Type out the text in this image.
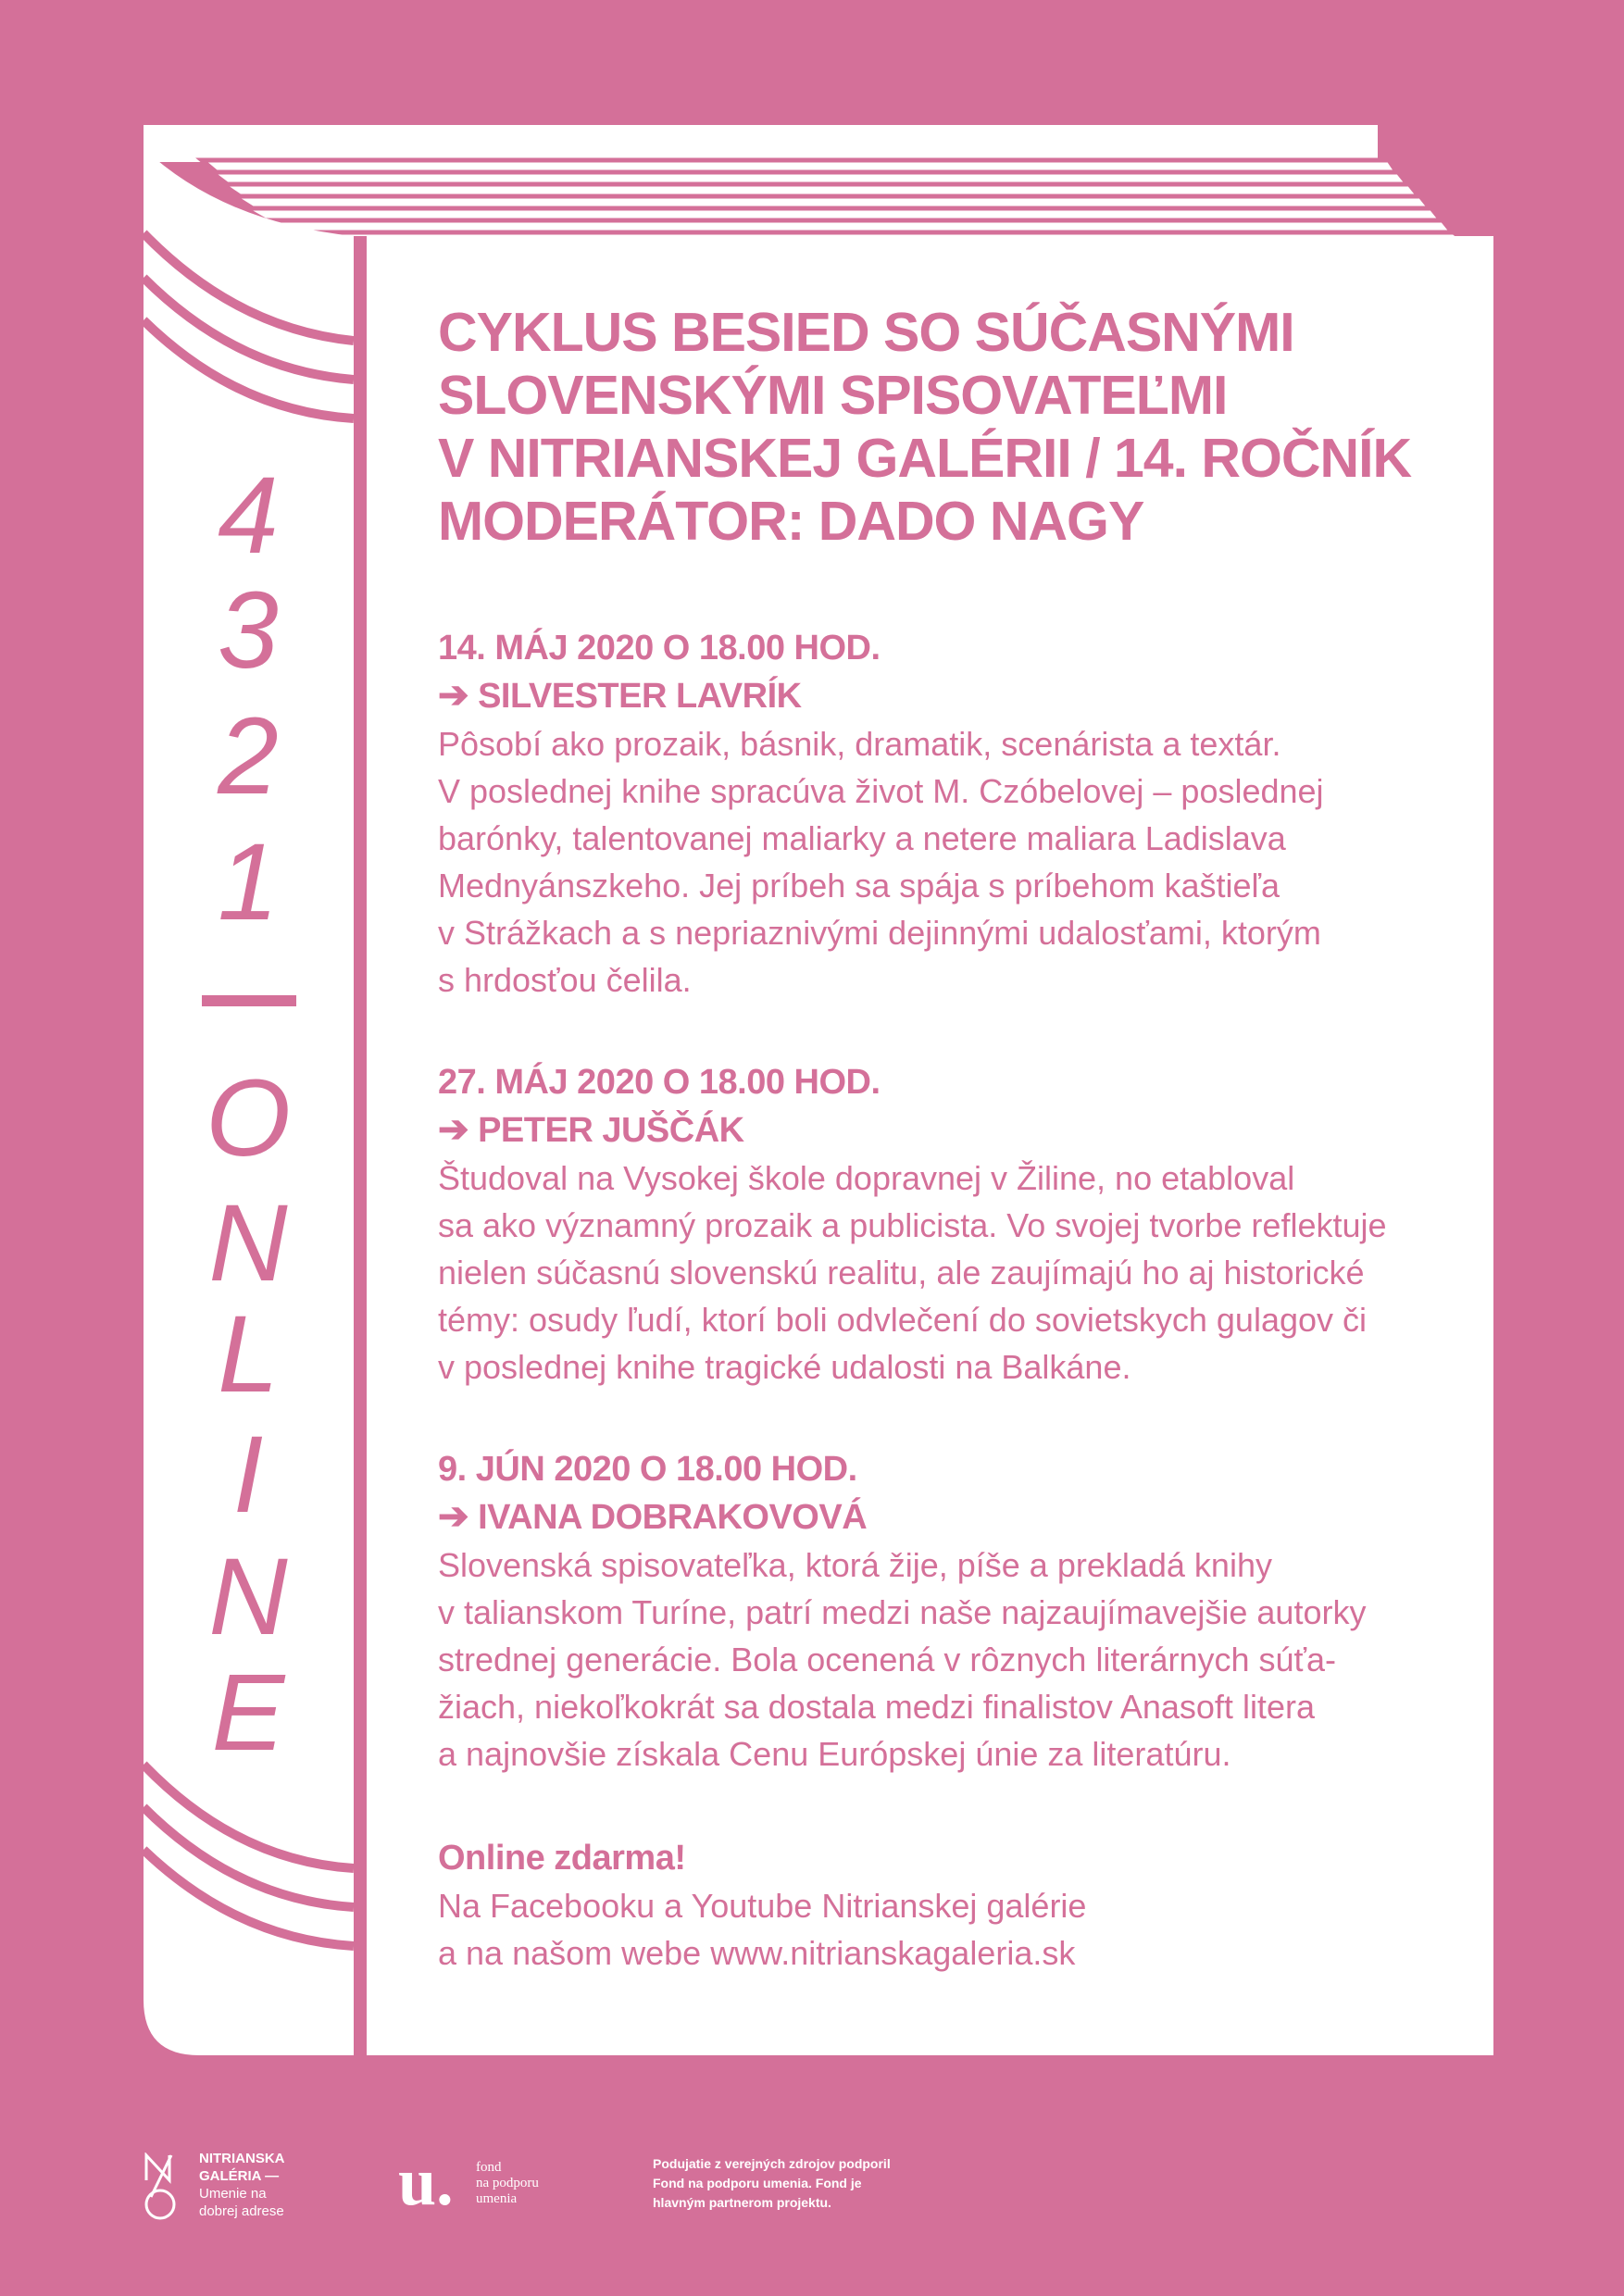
4
3
2
1
O
N
L
I
N
E
CYKLUS BESIED SO SÚČASNÝMI
SLOVENSKÝMI SPISOVATEĽMI
V NITRIANSKEJ GALÉRII / 14. ROČNÍK
MODERÁTOR: DADO NAGY

14. MÁJ 2020 O 18.00 HOD.

➔ SILVESTER LAVRÍK

Pôsobí ako prozaik, básnik, dramatik, scenárista a textár.

V poslednej knihe spracúva život M. Czóbelovej – poslednej

barónky, talentovanej maliarky a netere maliara Ladislava

Mednyánszkeho. Jej príbeh sa spája s príbehom kaštieľa

v Strážkach a s nepriaznivými dejinnými udalosťami, ktorým

s hrdosťou čelila.

27. MÁJ 2020 O 18.00 HOD.

➔ PETER JUŠČÁK

Študoval na Vysokej škole dopravnej v Žiline, no etabloval

sa ako významný prozaik a publicista. Vo svojej tvorbe reflektuje

nielen súčasnú slovenskú realitu, ale zaujímajú ho aj historické

témy: osudy ľudí, ktorí boli odvlečení do sovietskych gulagov či

v poslednej knihe tragické udalosti na Balkáne.

9. JÚN 2020 O 18.00 HOD.

➔ IVANA DOBRAKOVOVÁ

Slovenská spisovateľka, ktorá žije, píše a prekladá knihy

v talianskom Turíne, patrí medzi naše najzaujímavejšie autorky

strednej generácie. Bola ocenená v rôznych literárnych súťa-

žiach, niekoľkokrát sa dostala medzi finalistov Anasoft litera

a najnovšie získala Cenu Európskej únie za literatúru.

Online zdarma!

Na Facebooku a Youtube Nitrianskej galérie

a na našom webe www.nitrianskagaleria.sk

NITRIANSKA
GALÉRIA —
Umenie na
dobrej adrese u. fond
na podporu
umenia
Podujatie z verejných zdrojov podporil
Fond na podporu umenia. Fond je
hlavným partnerom projektu.
